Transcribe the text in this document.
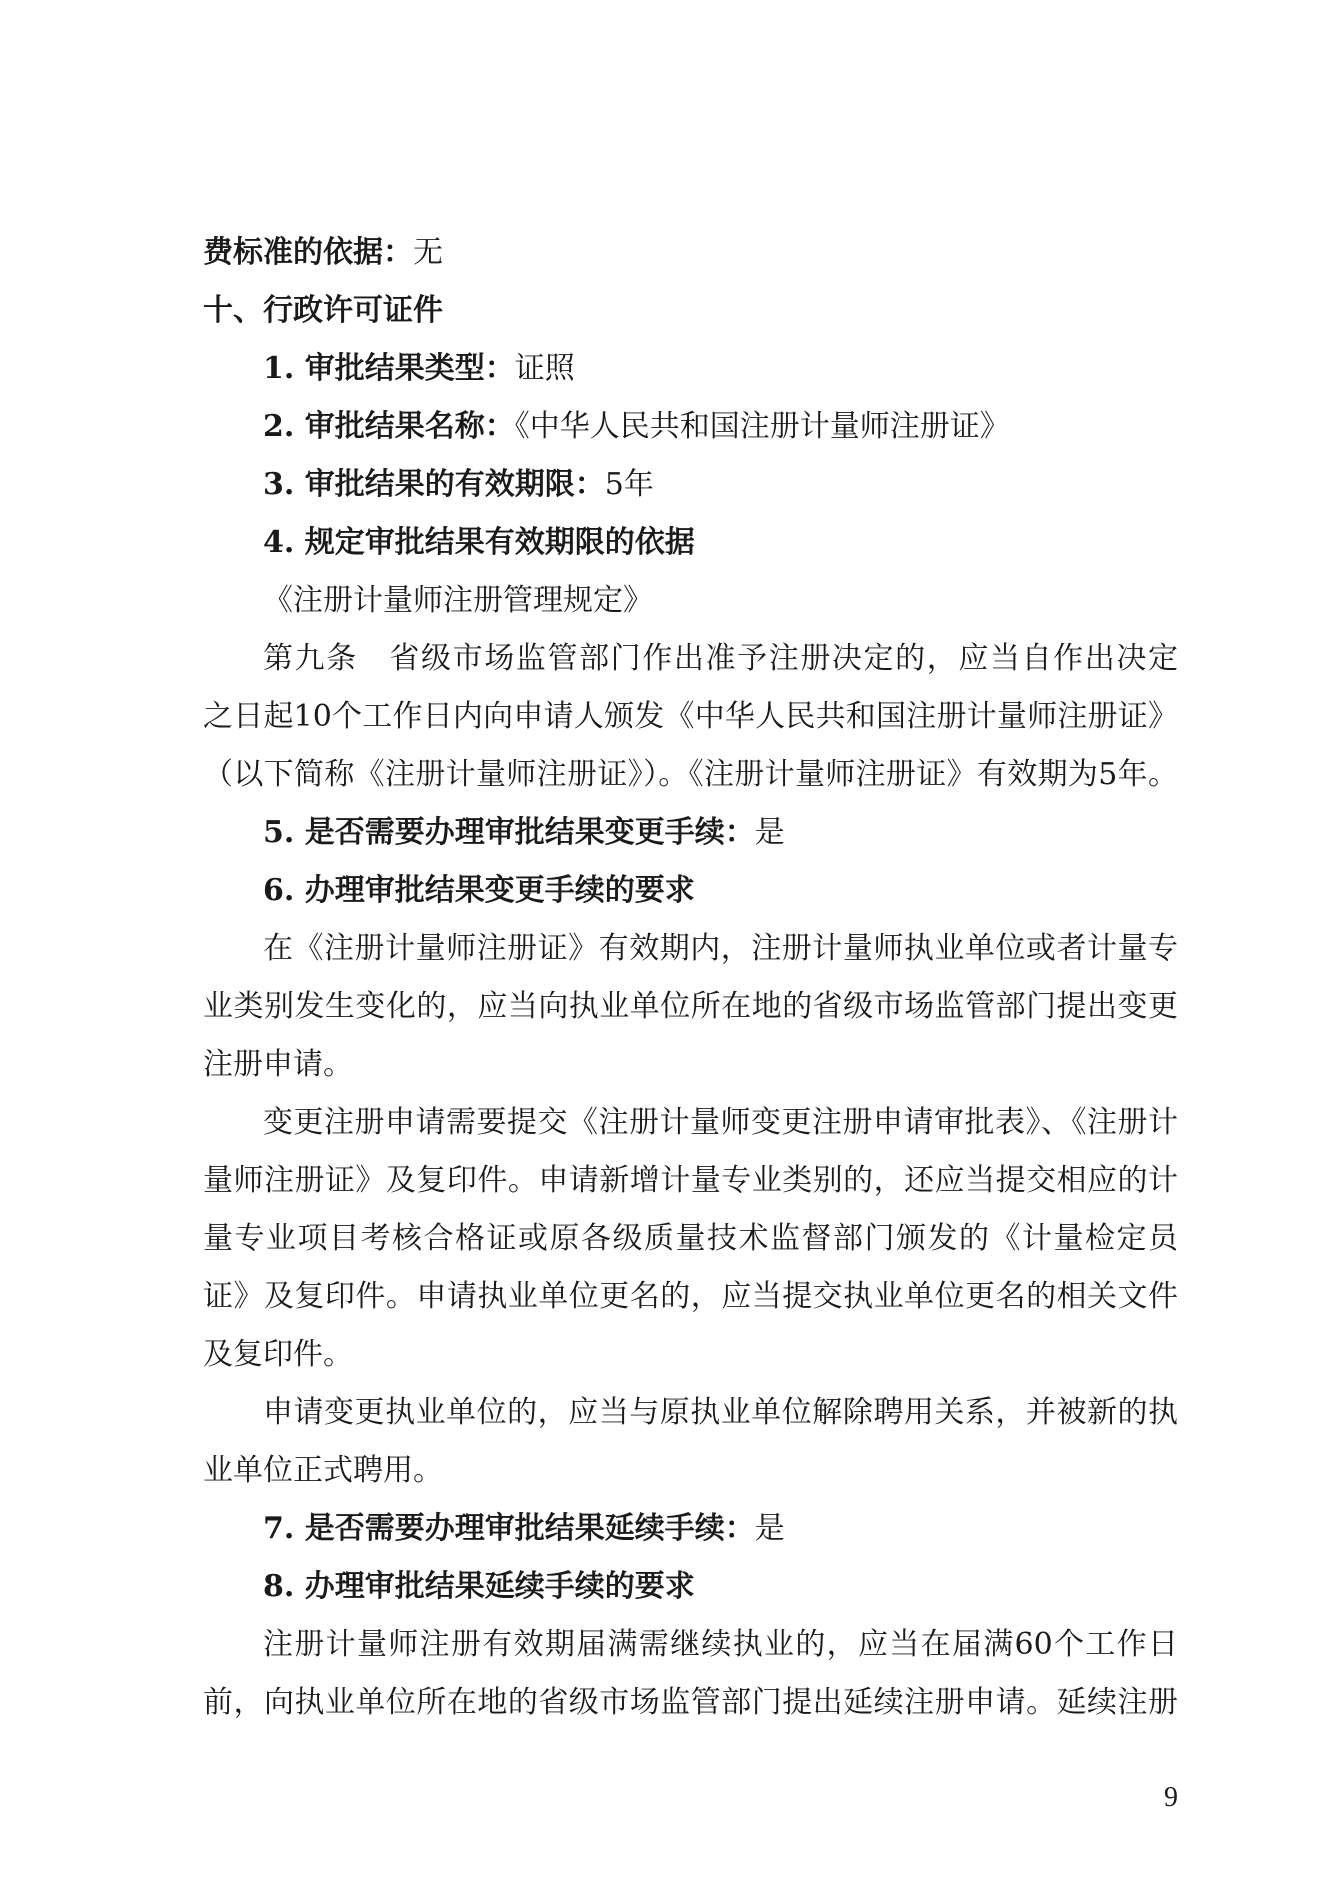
费标准的依据：无
十、行政许可证件
1. 审批结果类型：证照
2. 审批结果名称：《中华人民共和国注册计量师注册证》
3. 审批结果的有效期限：5年
4. 规定审批结果有效期限的依据
《注册计量师注册管理规定》
第九条　省级市场监管部门作出准予注册决定的，应当自作出决定
之日起10个工作日内向申请人颁发《中华人民共和国注册计量师注册证》
（以下简称《注册计量师注册证》）。《注册计量师注册证》有效期为5年。
5. 是否需要办理审批结果变更手续：是
6. 办理审批结果变更手续的要求
在《注册计量师注册证》有效期内，注册计量师执业单位或者计量专
业类别发生变化的，应当向执业单位所在地的省级市场监管部门提出变更
注册申请。
变更注册申请需要提交《注册计量师变更注册申请审批表》、《注册计
量师注册证》及复印件。申请新增计量专业类别的，还应当提交相应的计
量专业项目考核合格证或原各级质量技术监督部门颁发的《计量检定员
证》及复印件。申请执业单位更名的，应当提交执业单位更名的相关文件
及复印件。
申请变更执业单位的，应当与原执业单位解除聘用关系，并被新的执
业单位正式聘用。
7. 是否需要办理审批结果延续手续：是
8. 办理审批结果延续手续的要求
注册计量师注册有效期届满需继续执业的，应当在届满60个工作日
前，向执业单位所在地的省级市场监管部门提出延续注册申请。延续注册
9
